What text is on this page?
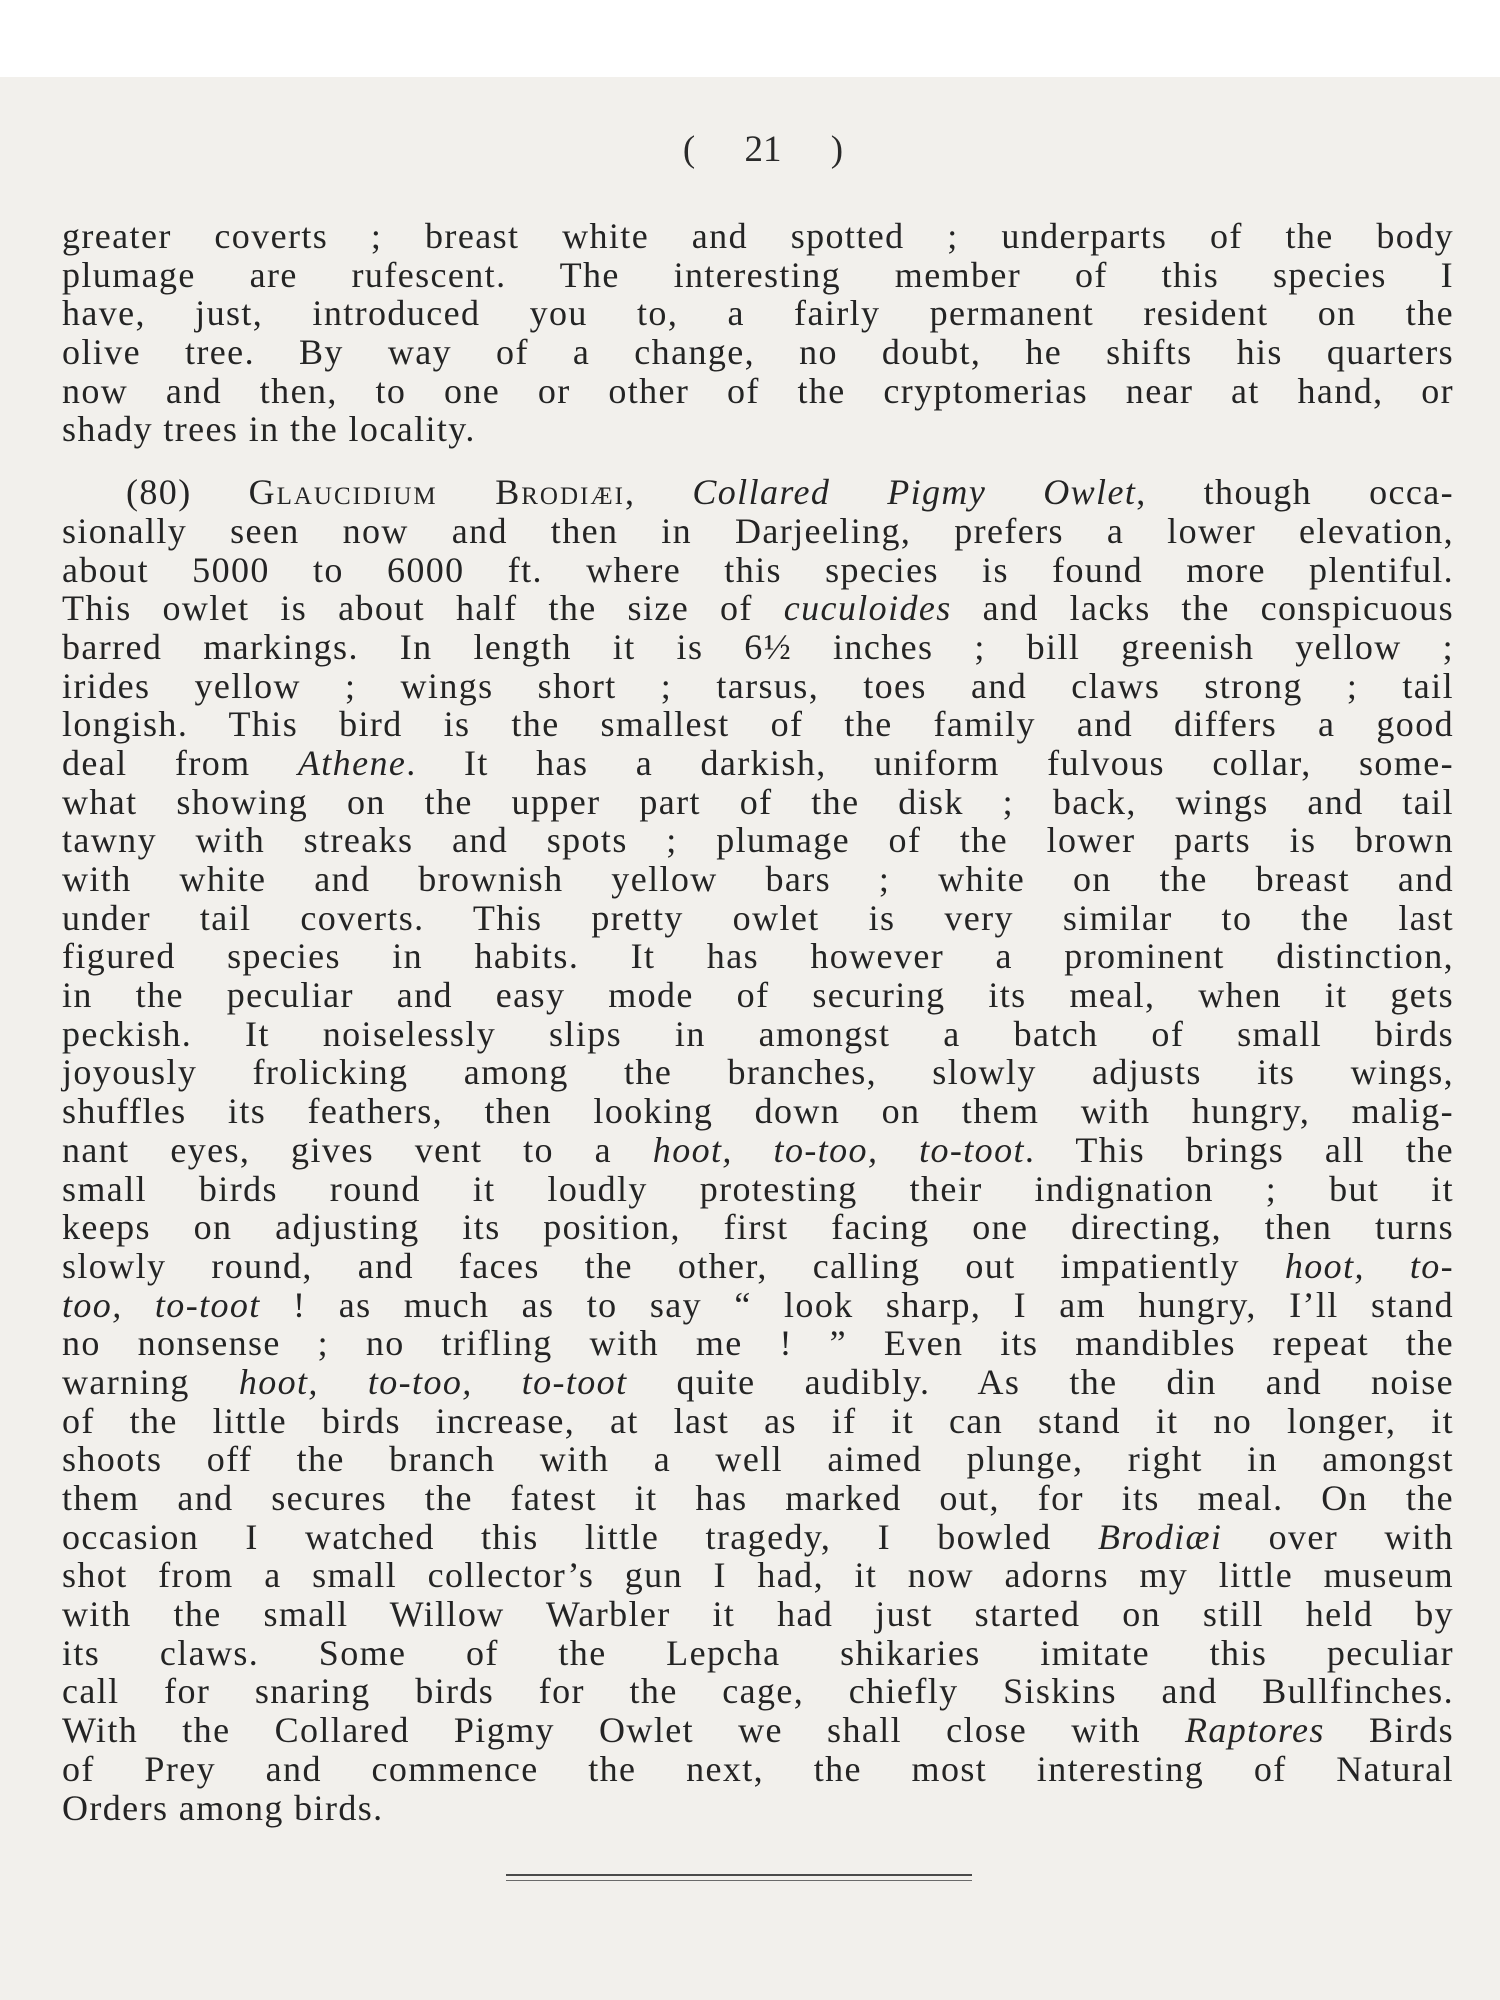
( 21 )
greater coverts ; breast white and spotted ; underparts of the body
plumage are rufescent. The interesting member of this species I
have, just, introduced you to, a fairly permanent resident on the
olive tree. By way of a change, no doubt, he shifts his quarters
now and then, to one or other of the cryptomerias near at hand, or
shady trees in the locality.
(80) Glaucidium Brodiæi, Collared Pigmy Owlet, though occa-
sionally seen now and then in Darjeeling, prefers a lower elevation,
about 5000 to 6000 ft. where this species is found more plentiful.
This owlet is about half the size of cuculoides and lacks the conspicuous
barred markings. In length it is 6½ inches ; bill greenish yellow ;
irides yellow ; wings short ; tarsus, toes and claws strong ; tail
longish. This bird is the smallest of the family and differs a good
deal from Athene. It has a darkish, uniform fulvous collar, some-
what showing on the upper part of the disk ; back, wings and tail
tawny with streaks and spots ; plumage of the lower parts is brown
with white and brownish yellow bars ; white on the breast and
under tail coverts. This pretty owlet is very similar to the last
figured species in habits. It has however a prominent distinction,
in the peculiar and easy mode of securing its meal, when it gets
peckish. It noiselessly slips in amongst a batch of small birds
joyously frolicking among the branches, slowly adjusts its wings,
shuffles its feathers, then looking down on them with hungry, malig-
nant eyes, gives vent to a hoot, to-too, to-toot. This brings all the
small birds round it loudly protesting their indignation ; but it
keeps on adjusting its position, first facing one directing, then turns
slowly round, and faces the other, calling out impatiently hoot, to-
too, to-toot ! as much as to say “ look sharp, I am hungry, I’ll stand
no nonsense ; no trifling with me ! ” Even its mandibles repeat the
warning hoot, to-too, to-toot quite audibly. As the din and noise
of the little birds increase, at last as if it can stand it no longer, it
shoots off the branch with a well aimed plunge, right in amongst
them and secures the fatest it has marked out, for its meal. On the
occasion I watched this little tragedy, I bowled Brodiæi over with
shot from a small collector’s gun I had, it now adorns my little museum
with the small Willow Warbler it had just started on still held by
its claws. Some of the Lepcha shikaries imitate this peculiar
call for snaring birds for the cage, chiefly Siskins and Bullfinches.
With the Collared Pigmy Owlet we shall close with Raptores Birds
of Prey and commence the next, the most interesting of Natural
Orders among birds.
